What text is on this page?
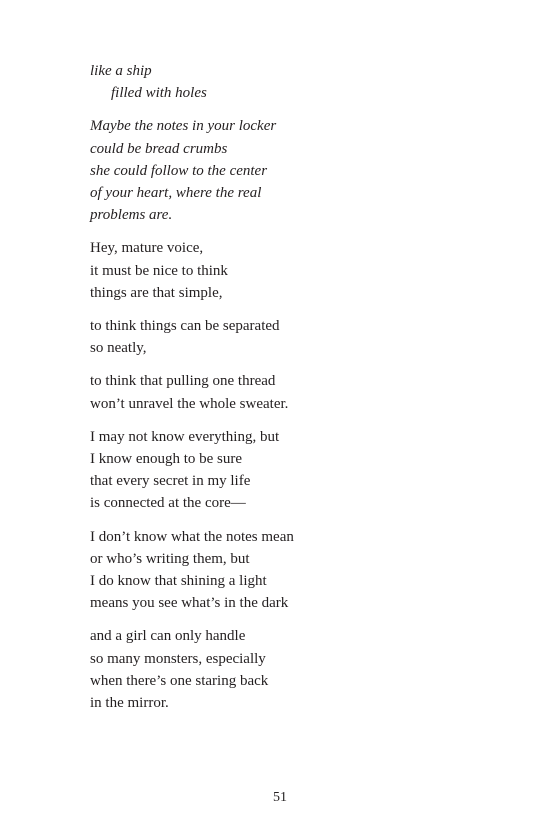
like a ship
filled with holes
Maybe the notes in your locker
could be bread crumbs
she could follow to the center
of your heart, where the real
problems are.
Hey, mature voice,
it must be nice to think
things are that simple,
to think things can be separated
so neatly,
to think that pulling one thread
won’t unravel the whole sweater.
I may not know everything, but
I know enough to be sure
that every secret in my life
is connected at the core—
I don’t know what the notes mean
or who’s writing them, but
I do know that shining a light
means you see what’s in the dark
and a girl can only handle
so many monsters, especially
when there’s one staring back
in the mirror.
51
